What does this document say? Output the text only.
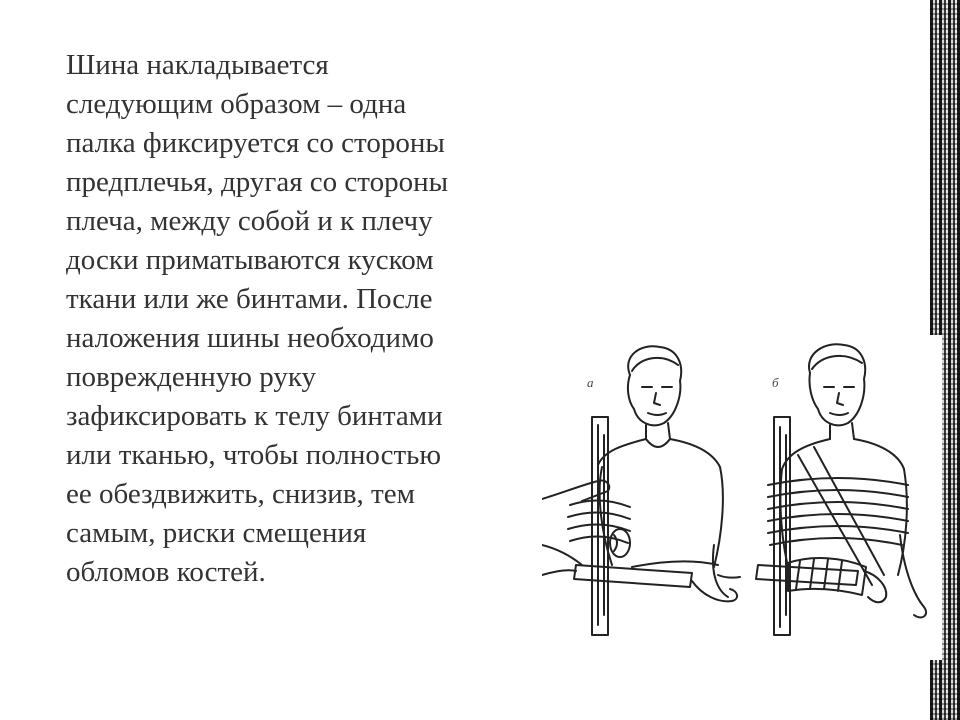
Шина накладывается
следующим образом – одна
палка фиксируется со стороны
предплечья, другая со стороны
плеча, между собой и к плечу
доски приматываются куском
ткани или же бинтами. После
наложения шины необходимо
поврежденную руку
зафиксировать к телу бинтами
или тканью, чтобы полностью
ее обездвижить, снизив, тем
самым, риски смещения
обломов костей.

а	б
